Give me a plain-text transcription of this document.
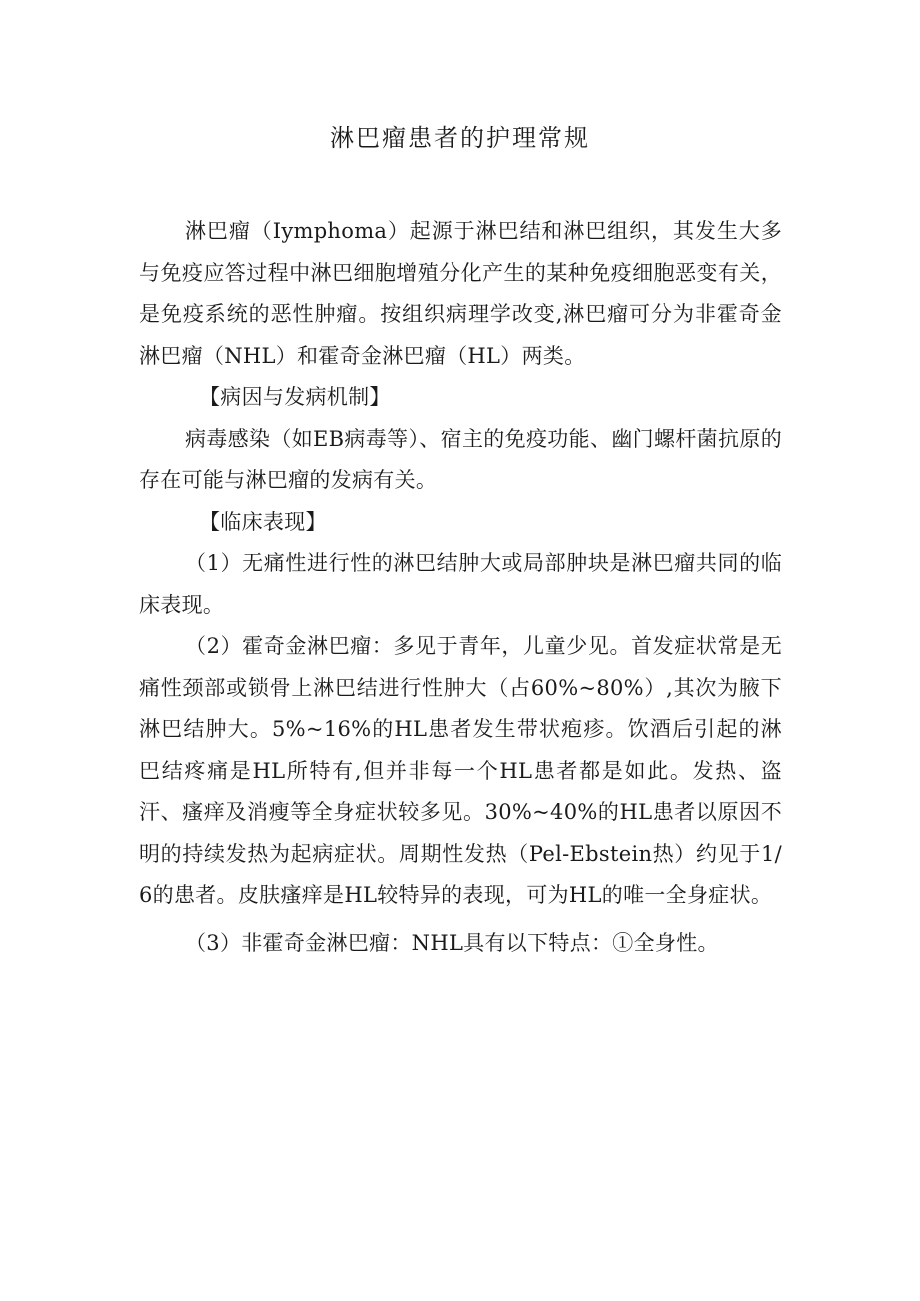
淋巴瘤患者的护理常规

淋巴瘤（Iymphoma）起源于淋巴结和淋巴组织，其发生大多与免疫应答过程中淋巴细胞增殖分化产生的某种免疫细胞恶变有关，是免疫系统的恶性肿瘤。按组织病理学改变,淋巴瘤可分为非霍奇金淋巴瘤（NHL）和霍奇金淋巴瘤（HL）两类。

【病因与发病机制】

病毒感染（如EB病毒等）、宿主的免疫功能、幽门螺杆菌抗原的存在可能与淋巴瘤的发病有关。

【临床表现】

（1）无痛性进行性的淋巴结肿大或局部肿块是淋巴瘤共同的临床表现。

（2）霍奇金淋巴瘤：多见于青年，儿童少见。首发症状常是无痛性颈部或锁骨上淋巴结进行性肿大（占60%~80%）,其次为腋下淋巴结肿大。5%~16%的HL患者发生带状疱疹。饮酒后引起的淋巴结疼痛是HL所特有,但并非每一个HL患者都是如此。发热、盗汗、瘙痒及消瘦等全身症状较多见。30%~40%的HL患者以原因不明的持续发热为起病症状。周期性发热（Pel-Ebstein热）约见于1/6的患者。皮肤瘙痒是HL较特异的表现，可为HL的唯一全身症状。

（3）非霍奇金淋巴瘤：NHL具有以下特点：①全身性。
